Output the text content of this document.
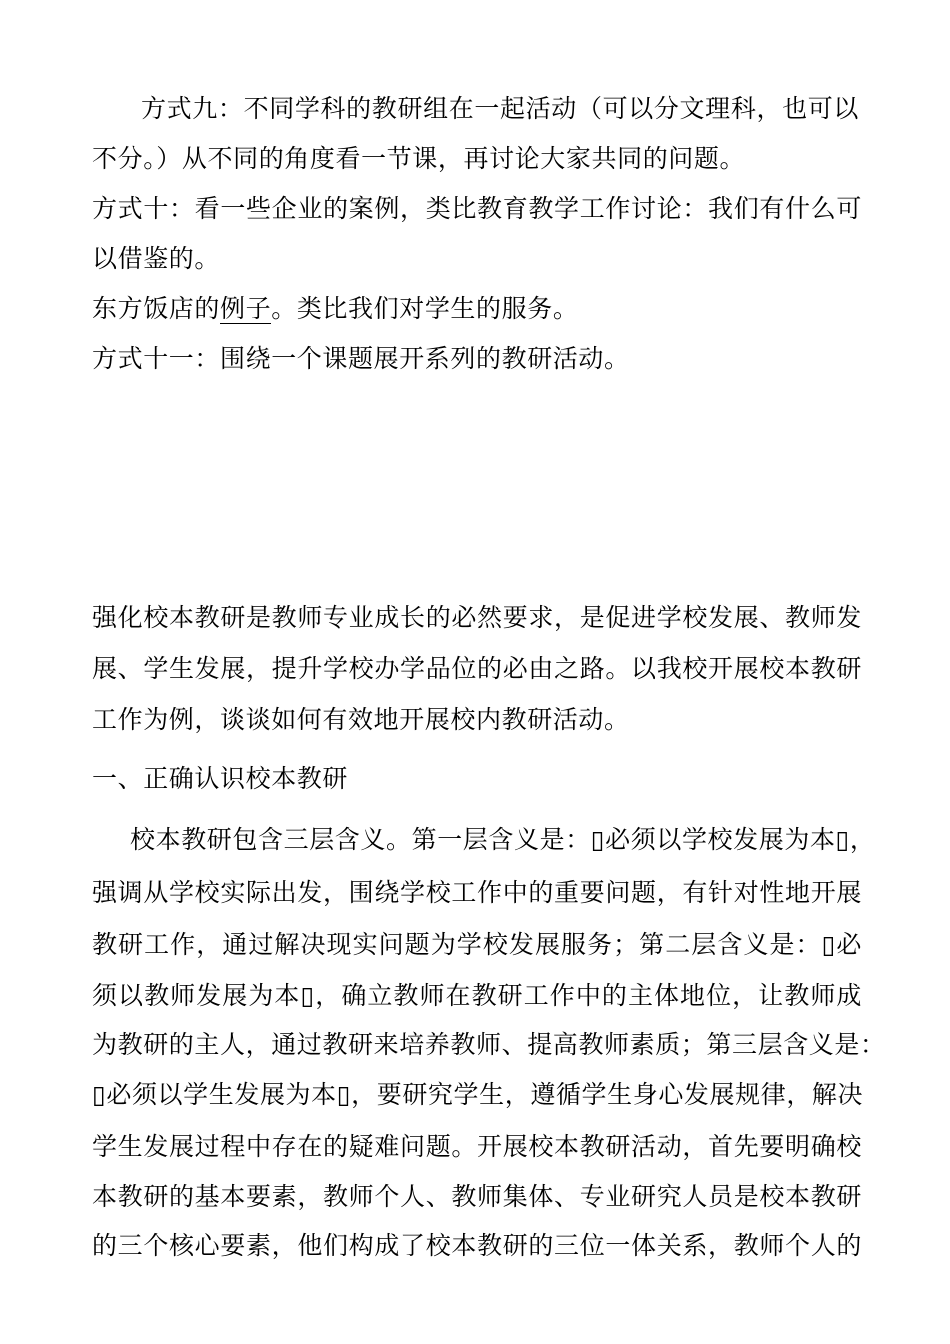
方式九：不同学科的教研组在一起活动（可以分文理科，也可以
不分。）从不同的角度看一节课，再讨论大家共同的问题。
方式十：看一些企业的案例，类比教育教学工作讨论：我们有什么可
以借鉴的。
东方饭店的例子。类比我们对学生的服务。
方式十一：围绕一个课题展开系列的教研活动。
强化校本教研是教师专业成长的必然要求，是促进学校发展、教师发
展、学生发展，提升学校办学品位的必由之路。以我校开展校本教研
工作为例，谈谈如何有效地开展校内教研活动。
一、正确认识校本教研
校本教研包含三层含义。第一层含义是：▯必须以学校发展为本▯，
强调从学校实际出发，围绕学校工作中的重要问题，有针对性地开展
教研工作，通过解决现实问题为学校发展服务；第二层含义是：▯必
须以教师发展为本▯，确立教师在教研工作中的主体地位，让教师成
为教研的主人，通过教研来培养教师、提高教师素质；第三层含义是：
▯必须以学生发展为本▯，要研究学生，遵循学生身心发展规律，解决
学生发展过程中存在的疑难问题。开展校本教研活动，首先要明确校
本教研的基本要素，教师个人、教师集体、专业研究人员是校本教研
的三个核心要素，他们构成了校本教研的三位一体关系，教师个人的
